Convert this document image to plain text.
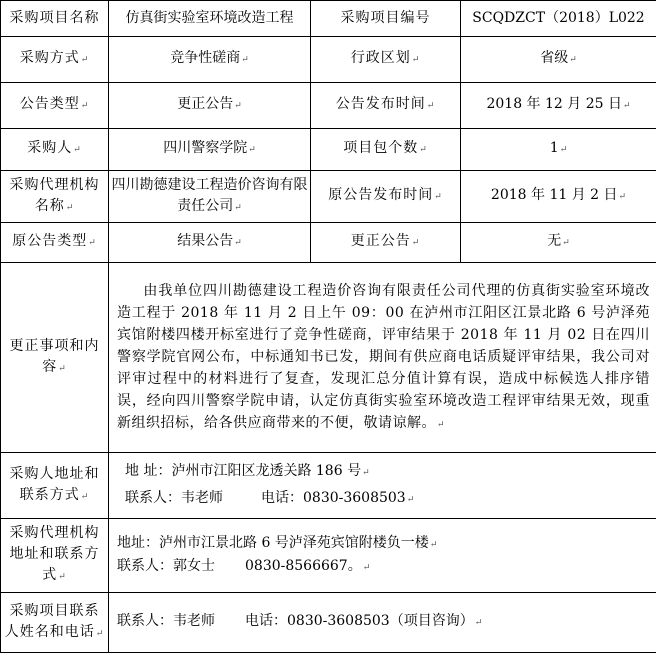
采购项目名称	仿真街实验室环境改造工程	采购项目编号	SCQDZCT（2018）L022
采购方式↵	竞争性磋商↵	行政区划↵	省级↵
公告类型↵	更正公告↵	公告发布时间↵	2018 年 12 月 25 日↵
采购人↵	四川警察学院↵	项目包个数↵	1↵
采购代理机构名称↵	四川勘德建设工程造价咨询有限责任公司↵	原公告发布时间↵	2018 年 11 月 2 日↵
原公告类型↵	结果公告↵	更正公告↵	无↵
更正事项和内容↵	由我单位四川勘德建设工程造价咨询有限责任公司代理的仿真街实验室环境改造工程于 2018 年 11 月 2 日上午 09：00 在泸州市江阳区江景北路 6 号泸泽苑宾馆附楼四楼开标室进行了竞争性磋商，评审结果于 2018 年 11 月 02 日在四川警察学院官网公布，中标通知书已发，期间有供应商电话质疑评审结果，我公司对评审过程中的材料进行了复查，发现汇总分值计算有误，造成中标候选人排序错误，经向四川警察学院申请，认定仿真街实验室环境改造工程评审结果无效，现重新组织招标，给各供应商带来的不便，敬请谅解。↵		
采购人地址和联系方式↵	地 址：泸州市江阳区龙透关路 186 号↵
联系人：韦老师 电话：0830-3608503↵		

采购代理机构地址和联系方式↵	地址：泸州市江景北路 6 号泸泽苑宾馆附楼负一楼↵
联系人：郭女士 0830-8566667。↵		

采购项目联系人姓名和电话↵	联系人：韦老师 电话：0830-3608503（项目咨询）↵		
